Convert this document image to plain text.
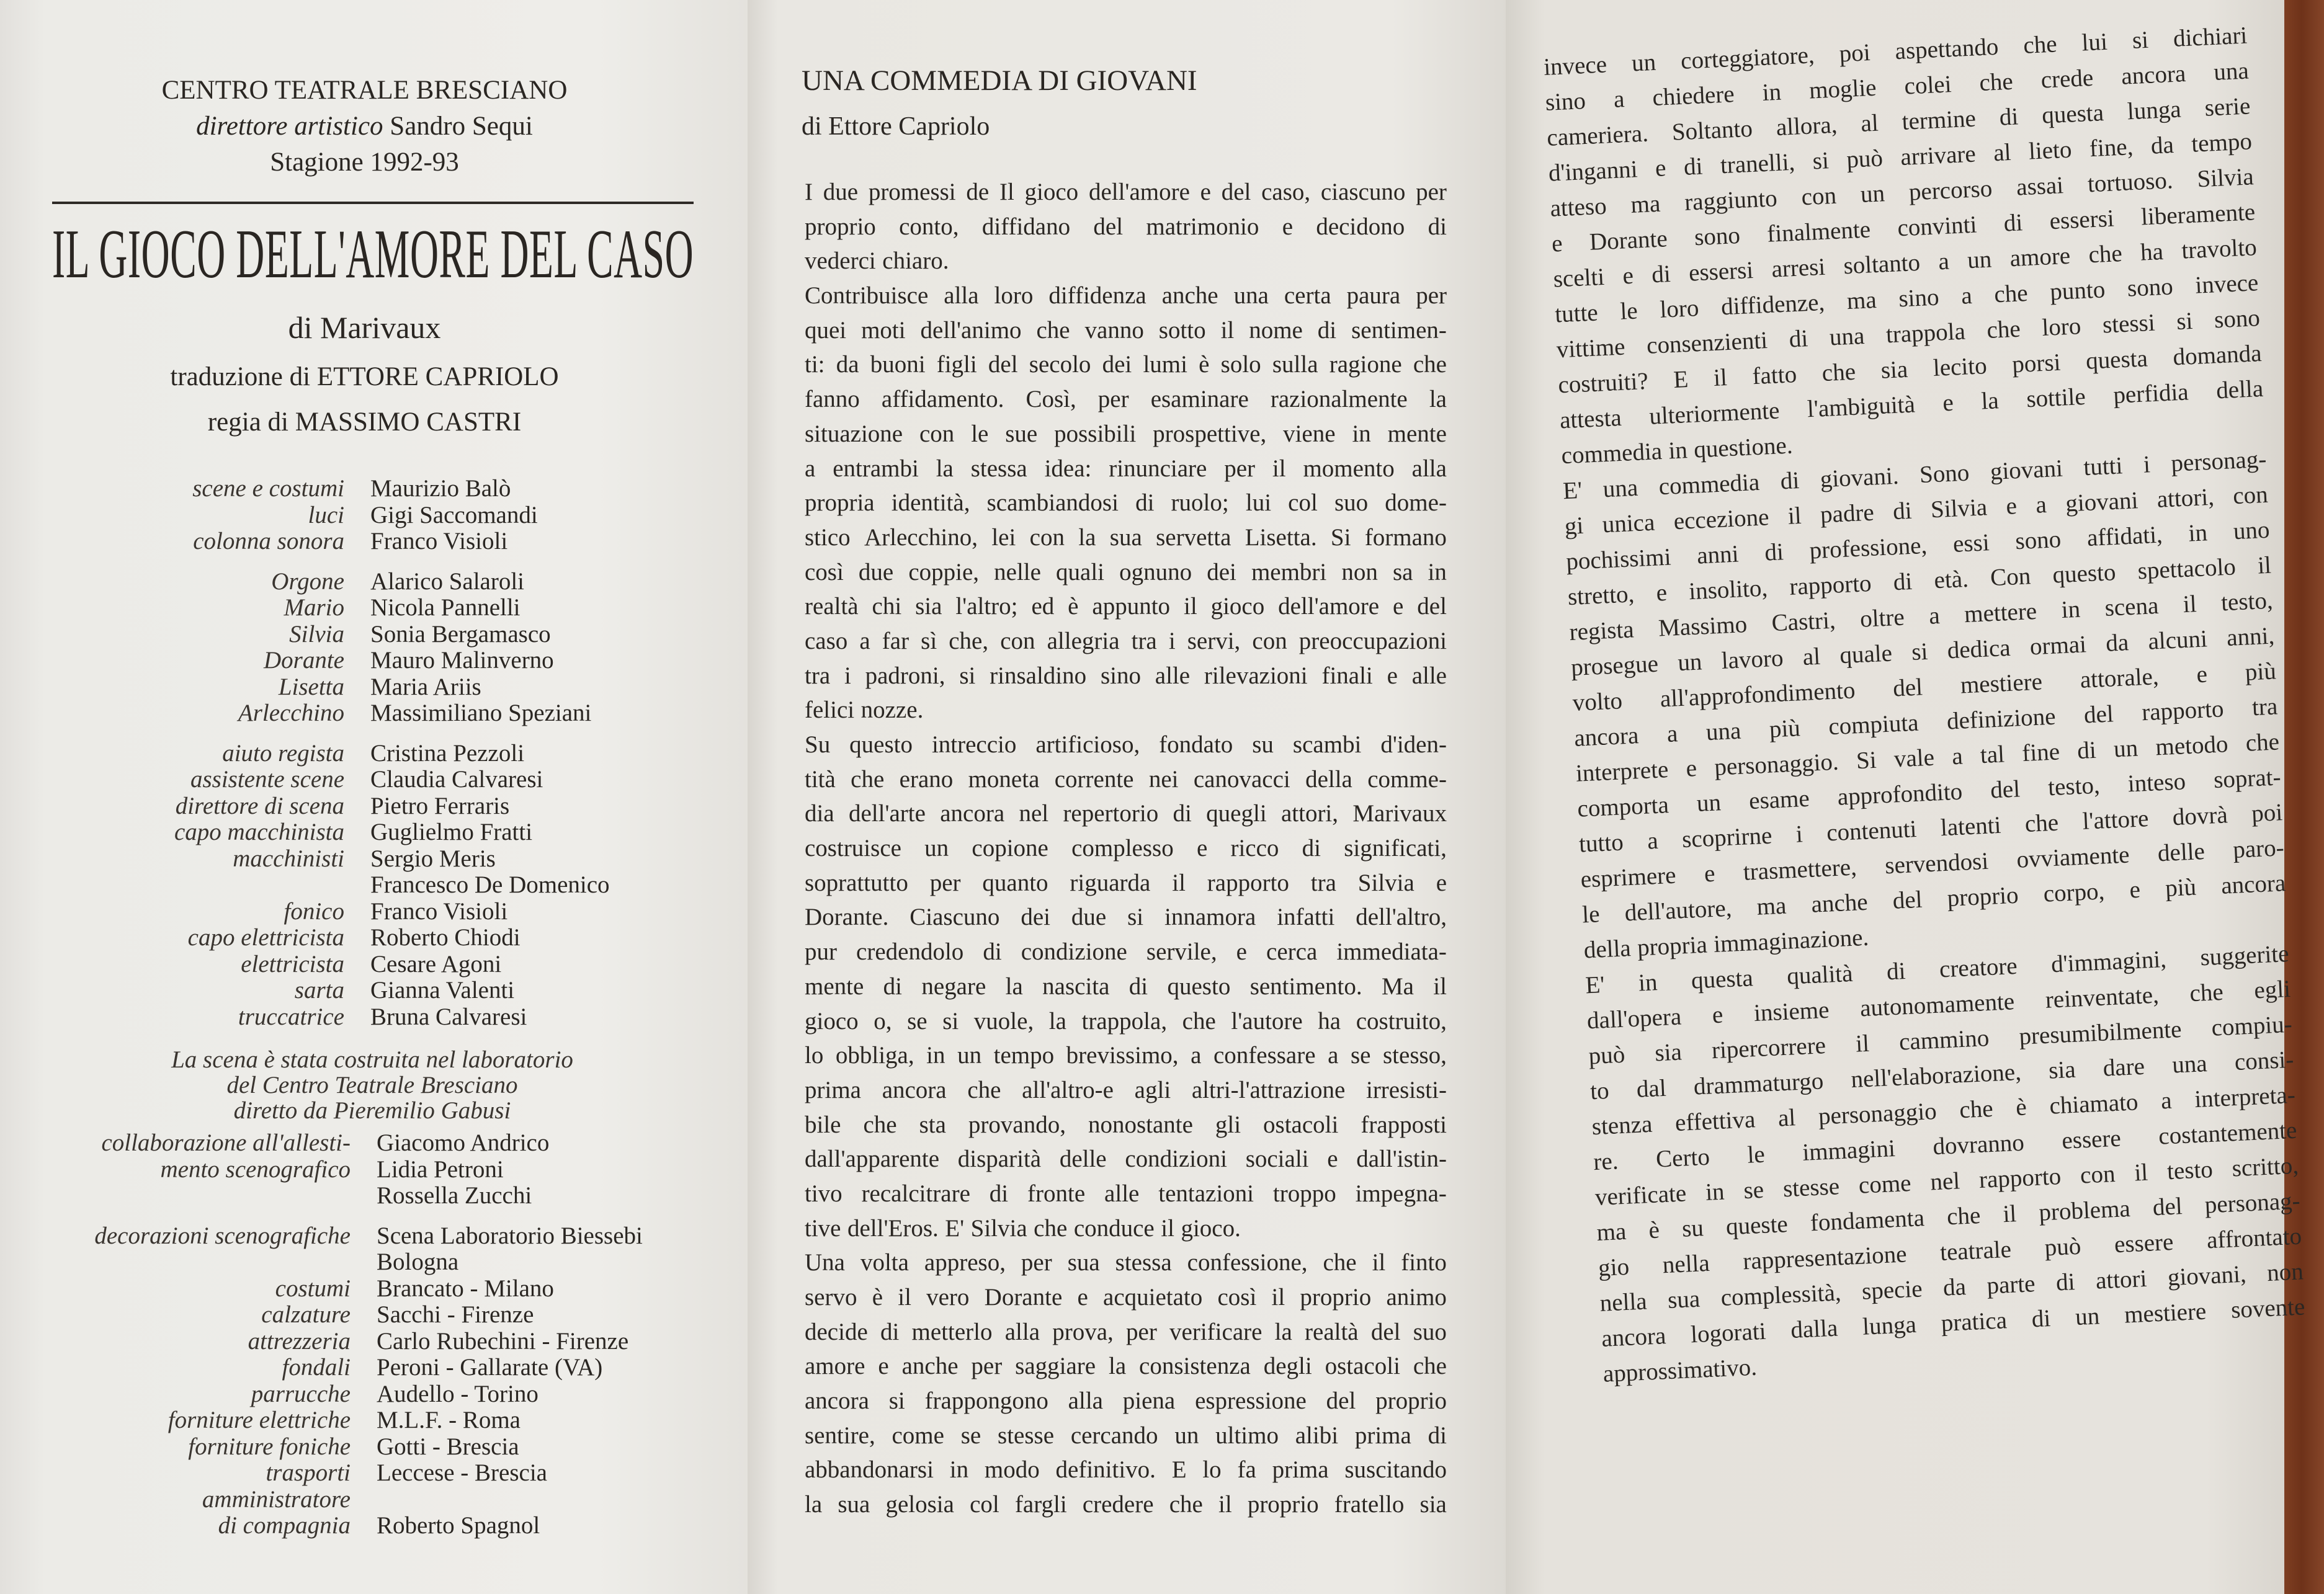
CENTRO TEATRALE BRESCIANO
direttore artistico Sandro Sequi
Stagione 1992-93
IL GIOCO DELL'AMORE DEL CASO
di Marivaux
traduzione di ETTORE CAPRIOLO
regia di MASSIMO CASTRI
scene e costumi Maurizio Balò
luci Gigi Saccomandi
colonna sonora Franco Visioli
Orgone Alarico Salaroli
Mario Nicola Pannelli
Silvia Sonia Bergamasco
Dorante Mauro Malinverno
Lisetta Maria Ariis
Arlecchino Massimiliano Speziani
aiuto regista Cristina Pezzoli
assistente scene Claudia Calvaresi
direttore di scena Pietro Ferraris
capo macchinista Guglielmo Fratti
macchinisti Sergio Meris
Francesco De Domenico
fonico Franco Visioli
capo elettricista Roberto Chiodi
elettricista Cesare Agoni
sarta Gianna Valenti
truccatrice Bruna Calvaresi
La scena è stata costruita nel laboratorio
del Centro Teatrale Bresciano
diretto da Pieremilio Gabusi
collaborazione all'allesti-
mento scenografico
Giacomo Andrico
Lidia Petroni
Rossella Zucchi
decorazioni scenografiche Scena Laboratorio Biessebi
Bologna
costumi Brancato - Milano
calzature Sacchi - Firenze
attrezzeria Carlo Rubechini - Firenze
fondali Peroni - Gallarate (VA)
parrucche Audello - Torino
forniture elettriche M.L.F. - Roma
forniture foniche Gotti - Brescia
trasporti Leccese - Brescia
amministratore
di compagnia
Roberto Spagnol
UNA COMMEDIA DI GIOVANI
di Ettore Capriolo
I due promessi de Il gioco dell'amore e del caso, ciascuno per
proprio conto, diffidano del matrimonio e decidono di
vederci chiaro.
Contribuisce alla loro diffidenza anche una certa paura per
quei moti dell'animo che vanno sotto il nome di sentimen-
ti: da buoni figli del secolo dei lumi è solo sulla ragione che
fanno affidamento. Così, per esaminare razionalmente la
situazione con le sue possibili prospettive, viene in mente
a entrambi la stessa idea: rinunciare per il momento alla
propria identità, scambiandosi di ruolo; lui col suo dome-
stico Arlecchino, lei con la sua servetta Lisetta. Si formano
così due coppie, nelle quali ognuno dei membri non sa in
realtà chi sia l'altro; ed è appunto il gioco dell'amore e del
caso a far sì che, con allegria tra i servi, con preoccupazioni
tra i padroni, si rinsaldino sino alle rilevazioni finali e alle
felici nozze.
Su questo intreccio artificioso, fondato su scambi d'iden-
tità che erano moneta corrente nei canovacci della comme-
dia dell'arte ancora nel repertorio di quegli attori, Marivaux
costruisce un copione complesso e ricco di significati,
soprattutto per quanto riguarda il rapporto tra Silvia e
Dorante. Ciascuno dei due si innamora infatti dell'altro,
pur credendolo di condizione servile, e cerca immediata-
mente di negare la nascita di questo sentimento. Ma il
gioco o, se si vuole, la trappola, che l'autore ha costruito,
lo obbliga, in un tempo brevissimo, a confessare a se stesso,
prima ancora che all'altro-e agli altri-l'attrazione irresisti-
bile che sta provando, nonostante gli ostacoli frapposti
dall'apparente disparità delle condizioni sociali e dall'istin-
tivo recalcitrare di fronte alle tentazioni troppo impegna-
tive dell'Eros. E' Silvia che conduce il gioco.
Una volta appreso, per sua stessa confessione, che il finto
servo è il vero Dorante e acquietato così il proprio animo
decide di metterlo alla prova, per verificare la realtà del suo
amore e anche per saggiare la consistenza degli ostacoli che
ancora si frappongono alla piena espressione del proprio
sentire, come se stesse cercando un ultimo alibi prima di
abbandonarsi in modo definitivo. E lo fa prima suscitando
la sua gelosia col fargli credere che il proprio fratello sia
invece un corteggiatore, poi aspettando che lui si dichiari
sino a chiedere in moglie colei che crede ancora una
cameriera. Soltanto allora, al termine di questa lunga serie
d'inganni e di tranelli, si può arrivare al lieto fine, da tempo
atteso ma raggiunto con un percorso assai tortuoso. Silvia
e Dorante sono finalmente convinti di essersi liberamente
scelti e di essersi arresi soltanto a un amore che ha travolto
tutte le loro diffidenze, ma sino a che punto sono invece
vittime consenzienti di una trappola che loro stessi si sono
costruiti? E il fatto che sia lecito porsi questa domanda
attesta ulteriormente l'ambiguità e la sottile perfidia della
commedia in questione.
E' una commedia di giovani. Sono giovani tutti i personag-
gi unica eccezione il padre di Silvia e a giovani attori, con
pochissimi anni di professione, essi sono affidati, in uno
stretto, e insolito, rapporto di età. Con questo spettacolo il
regista Massimo Castri, oltre a mettere in scena il testo,
prosegue un lavoro al quale si dedica ormai da alcuni anni,
volto all'approfondimento del mestiere attorale, e più
ancora a una più compiuta definizione del rapporto tra
interprete e personaggio. Si vale a tal fine di un metodo che
comporta un esame approfondito del testo, inteso soprat-
tutto a scoprirne i contenuti latenti che l'attore dovrà poi
esprimere e trasmettere, servendosi ovviamente delle paro-
le dell'autore, ma anche del proprio corpo, e più ancora
della propria immaginazione.
E' in questa qualità di creatore d'immagini, suggerite
dall'opera e insieme autonomamente reinventate, che egli
può sia ripercorrere il cammino presumibilmente compiu-
to dal drammaturgo nell'elaborazione, sia dare una consi-
stenza effettiva al personaggio che è chiamato a interpreta-
re. Certo le immagini dovranno essere costantemente
verificate in se stesse come nel rapporto con il testo scritto,
ma è su queste fondamenta che il problema del personag-
gio nella rappresentazione teatrale può essere affrontato
nella sua complessità, specie da parte di attori giovani, non
ancora logorati dalla lunga pratica di un mestiere sovente
approssimativo.
